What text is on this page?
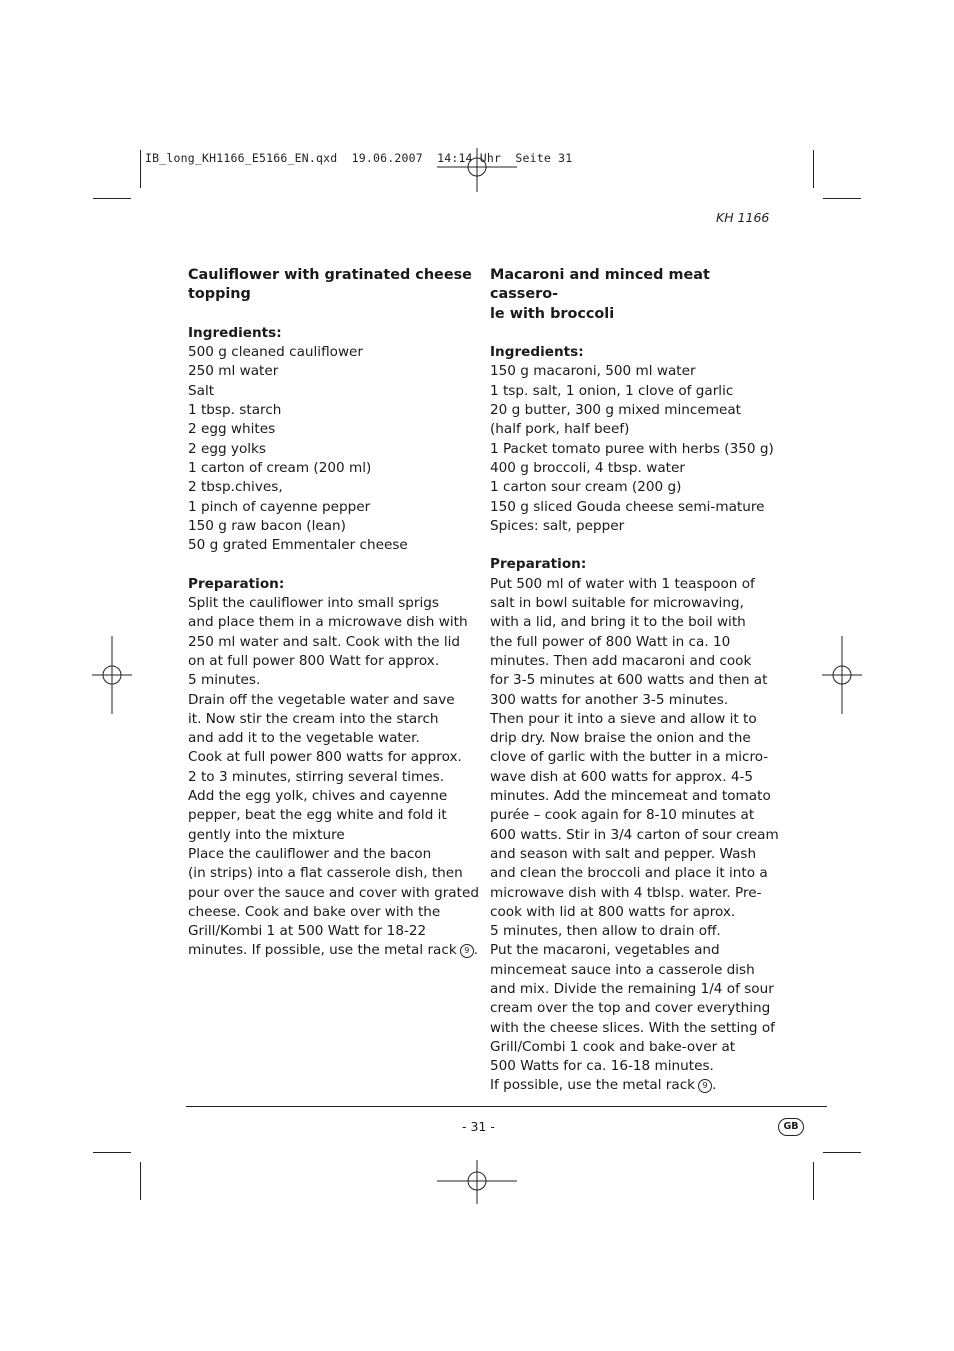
IB_long_KH1166_E5166_EN.qxd  19.06.2007  14:14 Uhr  Seite 31
KH 1166
Cauliflower with gratinated cheese
topping
Ingredients:
500 g cleaned cauliflower
250 ml water
Salt
1 tbsp. starch
2 egg whites
2 egg yolks
1 carton of cream (200 ml)
2 tbsp.chives,
1 pinch of cayenne pepper
150 g raw bacon (lean)
50 g grated Emmentaler cheese
Preparation:
Split the cauliflower into small sprigs
and place them in a microwave dish with
250 ml water and salt. Cook with the lid
on at full power 800 Watt for approx.
5 minutes.
Drain off the vegetable water and save
it. Now stir the cream into the starch
and add it to the vegetable water.
Cook at full power 800 watts for approx.
2 to 3 minutes, stirring several times.
Add the egg yolk, chives and cayenne
pepper, beat the egg white and fold it
gently into the mixture
Place the cauliflower and the bacon
(in strips) into a flat casserole dish, then
pour over the sauce and cover with grated
cheese. Cook and bake over with the
Grill/Kombi 1 at 500 Watt for 18-22
minutes. If possible, use the metal rack 9 .
Macaroni and minced meat cassero-
le with broccoli
Ingredients:
150 g macaroni, 500 ml water
1 tsp. salt, 1 onion, 1 clove of garlic
20 g butter, 300 g mixed mincemeat
(half pork, half beef)
1 Packet tomato puree with herbs (350 g)
400 g broccoli, 4 tbsp. water
1 carton sour cream (200 g)
150 g sliced Gouda cheese semi-mature
Spices: salt, pepper
Preparation:
Put 500 ml of water with 1 teaspoon of
salt in bowl suitable for microwaving,
with a lid, and bring it to the boil with
the full power of 800 Watt in ca. 10
minutes. Then add macaroni and cook
for 3-5 minutes at 600 watts and then at
300 watts for another 3-5 minutes.
Then pour it into a sieve and allow it to
drip dry. Now braise the onion and the
clove of garlic with the butter in a micro-
wave dish at 600 watts for approx. 4-5
minutes. Add the mincemeat and tomato
purée – cook again for 8-10 minutes at
600 watts. Stir in 3/4 carton of sour cream
and season with salt and pepper. Wash
and clean the broccoli and place it into a
microwave dish with 4 tblsp. water. Pre-
cook with lid at 800 watts for aprox.
5 minutes, then allow to drain off.
Put the macaroni, vegetables and
mincemeat sauce into a casserole dish
and mix. Divide the remaining 1/4 of sour
cream over the top and cover everything
with the cheese slices. With the setting of
Grill/Combi 1 cook and bake-over at
500 Watts for ca. 16-18 minutes.
If possible, use the metal rack 9 .
- 31 -	GB
